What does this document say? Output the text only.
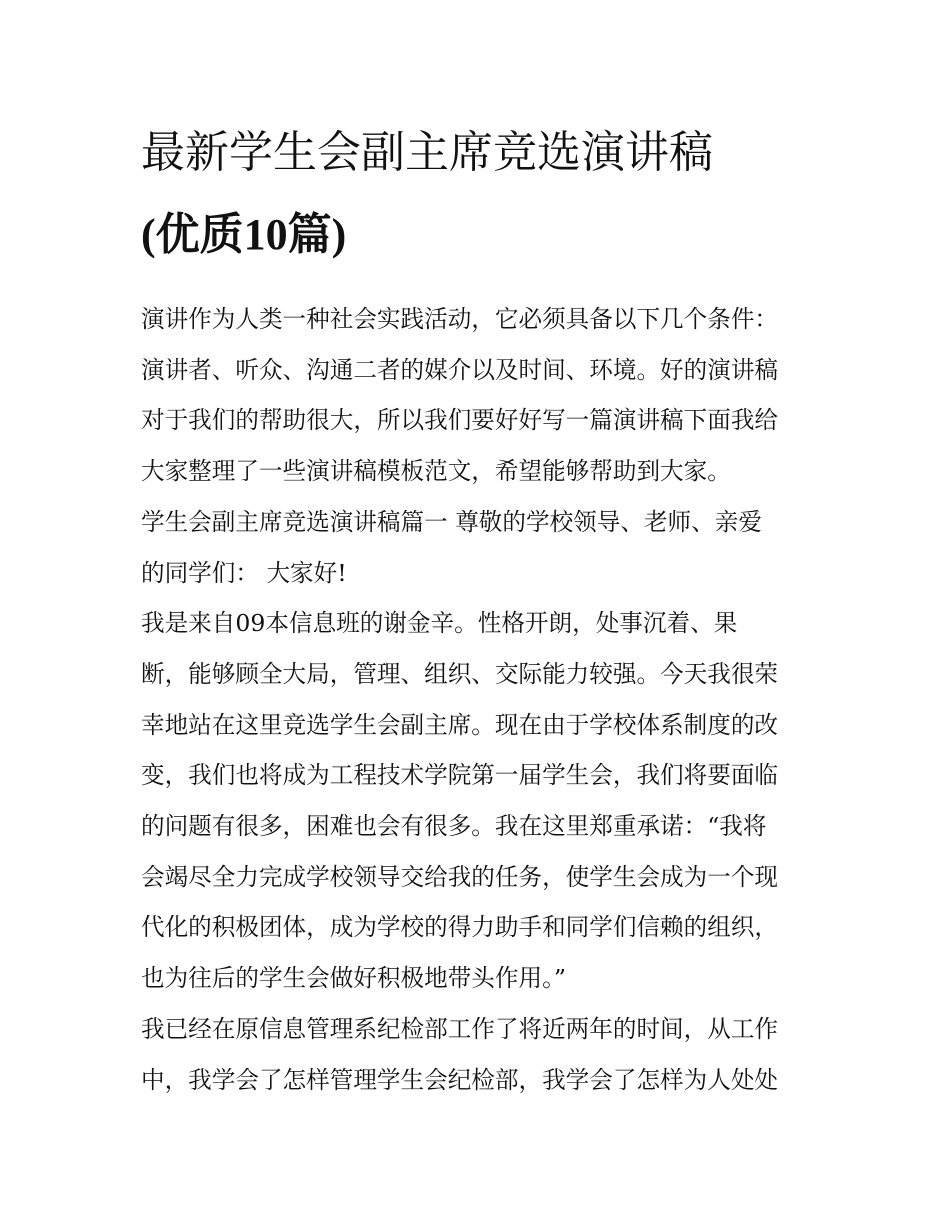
最新学生会副主席竞选演讲稿
(优质10篇)

演讲作为人类一种社会实践活动，它必须具备以下几个条件：
演讲者、听众、沟通二者的媒介以及时间、环境。好的演讲稿
对于我们的帮助很大，所以我们要好好写一篇演讲稿下面我给
大家整理了一些演讲稿模板范文，希望能够帮助到大家。

学生会副主席竞选演讲稿篇一 尊敬的学校领导、老师、亲爱
的同学们： 大家好!

我是来自09本信息班的谢金辛。性格开朗，处事沉着、果
断，能够顾全大局，管理、组织、交际能力较强。今天我很荣
幸地站在这里竞选学生会副主席。现在由于学校体系制度的改
变，我们也将成为工程技术学院第一届学生会，我们将要面临
的问题有很多，困难也会有很多。我在这里郑重承诺：“我将
会竭尽全力完成学校领导交给我的任务，使学生会成为一个现
代化的积极团体，成为学校的得力助手和同学们信赖的组织，
也为往后的学生会做好积极地带头作用。”

我已经在原信息管理系纪检部工作了将近两年的时间，从工作
中，我学会了怎样管理学生会纪检部，我学会了怎样为人处处
